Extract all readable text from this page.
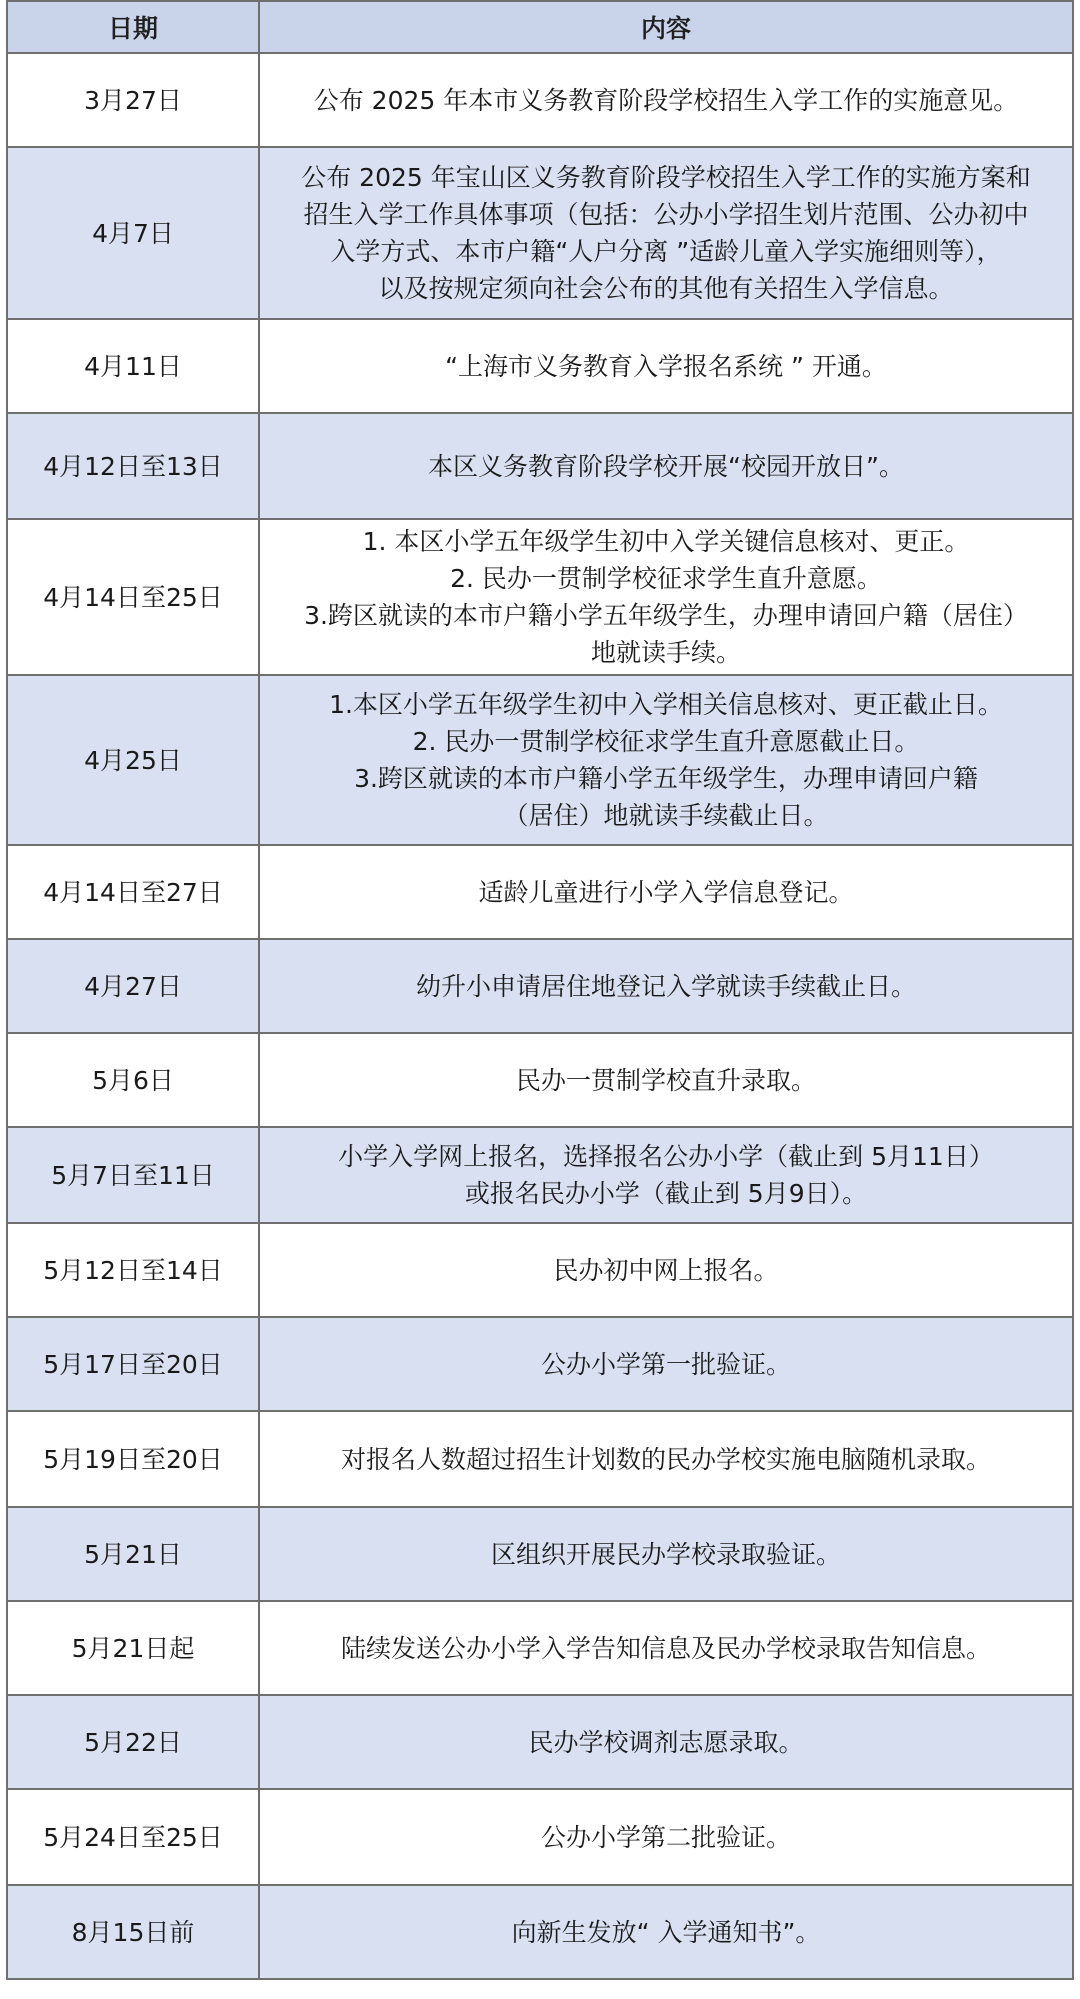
日期	内容
3月27日	公布 2025 年本市义务教育阶段学校招生入学工作的实施意见。

4月7日	公布 2025 年宝山区义务教育阶段学校招生入学工作的实施方案和
招生入学工作具体事项（包括：公办小学招生划片范围、公办初中
入学方式、本市户籍“人户分离 ”适龄儿童入学实施细则等），
以及按规定须向社会公布的其他有关招生入学信息。

4月11日	“上海市义务教育入学报名系统 ” 开通。

4月12日至13日	本区义务教育阶段学校开展“校园开放日”。

4月14日至25日	1. 本区小学五年级学生初中入学关键信息核对、更正。
2. 民办一贯制学校征求学生直升意愿。
3.跨区就读的本市户籍小学五年级学生，办理申请回户籍（居住）
地就读手续。

4月25日	1.本区小学五年级学生初中入学相关信息核对、更正截止日。
2. 民办一贯制学校征求学生直升意愿截止日。
3.跨区就读的本市户籍小学五年级学生，办理申请回户籍
（居住）地就读手续截止日。

4月14日至27日	适龄儿童进行小学入学信息登记。

4月27日	幼升小申请居住地登记入学就读手续截止日。

5月6日	民办一贯制学校直升录取。

5月7日至11日	小学入学网上报名，选择报名公办小学（截止到 5月11日）
或报名民办小学（截止到 5月9日）。

5月12日至14日	民办初中网上报名。

5月17日至20日	公办小学第一批验证。

5月19日至20日	对报名人数超过招生计划数的民办学校实施电脑随机录取。

5月21日	区组织开展民办学校录取验证。

5月21日起	陆续发送公办小学入学告知信息及民办学校录取告知信息。

5月22日	民办学校调剂志愿录取。

5月24日至25日	公办小学第二批验证。

8月15日前	向新生发放“ 入学通知书”。
